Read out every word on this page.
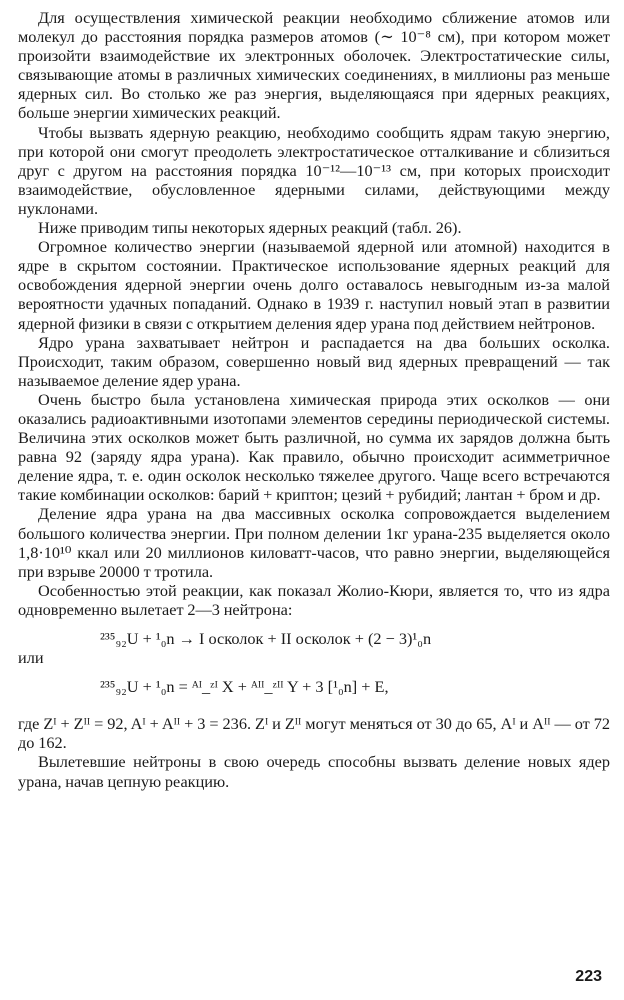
Для осуществления химической реакции необходимо сближение атомов или молекул до расстояния порядка размеров атомов (∼ 10⁻⁸ см), при котором может произойти взаимодействие их электронных оболочек. Электростатические силы, связывающие атомы в различных химических соединениях, в миллионы раз меньше ядерных сил. Во столько же раз энергия, выделяющаяся при ядерных реакциях, больше энергии химических реакций.

Чтобы вызвать ядерную реакцию, необходимо сообщить ядрам такую энергию, при которой они смогут преодолеть электростатическое отталкивание и сблизиться друг с другом на расстояния порядка 10⁻¹²—10⁻¹³ см, при которых происходит взаимодействие, обусловленное ядерными силами, действующими между нуклонами.

Ниже приводим типы некоторых ядерных реакций (табл. 26).

Огромное количество энергии (называемой ядерной или атомной) находится в ядре в скрытом состоянии. Практическое использование ядерных реакций для освобождения ядерной энергии очень долго оставалось невыгодным из-за малой вероятности удачных попаданий. Однако в 1939 г. наступил новый этап в развитии ядерной физики в связи с открытием деления ядер урана под действием нейтронов.

Ядро урана захватывает нейтрон и распадается на два больших осколка. Происходит, таким образом, совершенно новый вид ядерных превращений — так называемое деление ядер урана.

Очень быстро была установлена химическая природа этих осколков — они оказались радиоактивными изотопами элементов середины периодической системы. Величина этих осколков может быть различной, но сумма их зарядов должна быть равна 92 (заряду ядра урана). Как правило, обычно происходит асимметричное деление ядра, т. е. один осколок несколько тяжелее другого. Чаще всего встречаются такие комбинации осколков: барий + криптон; цезий + рубидий; лантан + бром и др.

Деление ядра урана на два массивных осколка сопровождается выделением большого количества энергии. При полном делении 1кг урана-235 выделяется около 1,8·10¹⁰ ккал или 20 миллионов киловатт-часов, что равно энергии, выделяющейся при взрыве 20000 т тротила.

Особенностью этой реакции, как показал Жолио-Кюри, является то, что из ядра одновременно вылетает 2—3 нейтрона:

²³⁵₉₂U + ¹₀n → I осколок + II осколок + (2 − 3)¹₀n
или
²³⁵₉₂U + ¹₀n = ᴬᴵ_ᶻᴵ X + ᴬᴵᴵ_ᶻᴵᴵ Y + 3 [¹₀n] + E,

где Zᴵ + Zᴵᴵ = 92, Aᴵ + Aᴵᴵ + 3 = 236. Zᴵ и Zᴵᴵ могут меняться от 30 до 65, Aᴵ и Aᴵᴵ — от 72 до 162.

Вылетевшие нейтроны в свою очередь способны вызвать деление новых ядер урана, начав цепную реакцию.

223
